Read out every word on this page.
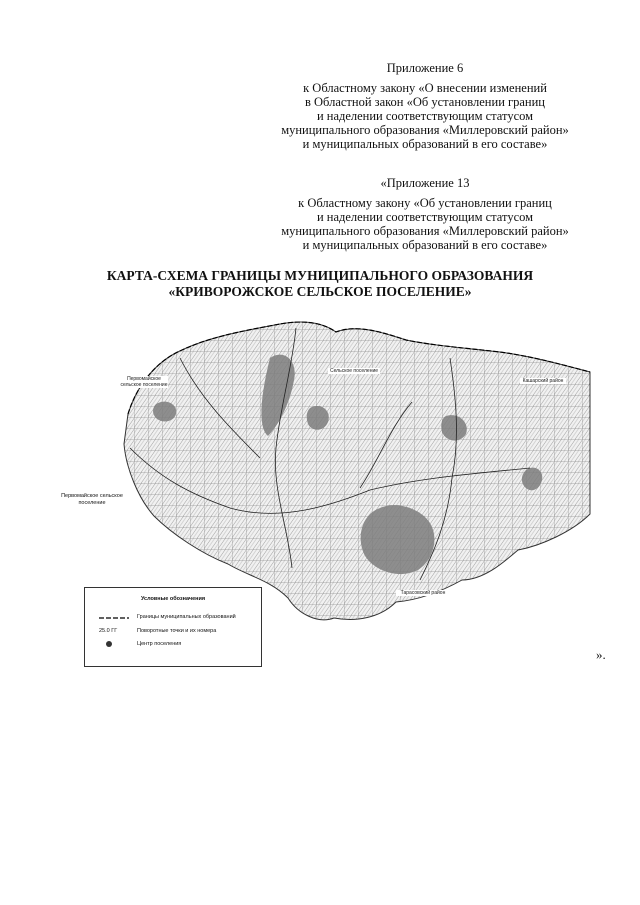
Приложение 6
к Областному закону «О внесении изменений
в Областной закон «Об установлении границ
и наделении соответствующим статусом
муниципального образования «Миллеровский район»
и муниципальных образований в его составе»
«Приложение 13
к Областному закону «Об установлении границ
и наделении соответствующим статусом
муниципального образования «Миллеровский район»
и муниципальных образований в его составе»
КАРТА-СХЕМА ГРАНИЦЫ МУНИЦИПАЛЬНОГО ОБРАЗОВАНИЯ
«КРИВОРОЖСКОЕ СЕЛЬСКОЕ ПОСЕЛЕНИЕ»
Первомайское сельское поселение
Сельское поселение
Кашарский район
Тарасовский район
Первомайское сельское поселение
Условные обозначения
Границы муниципальных образований
25.0 ГГ	Поворотные точки и их номера
Центр поселения
».
